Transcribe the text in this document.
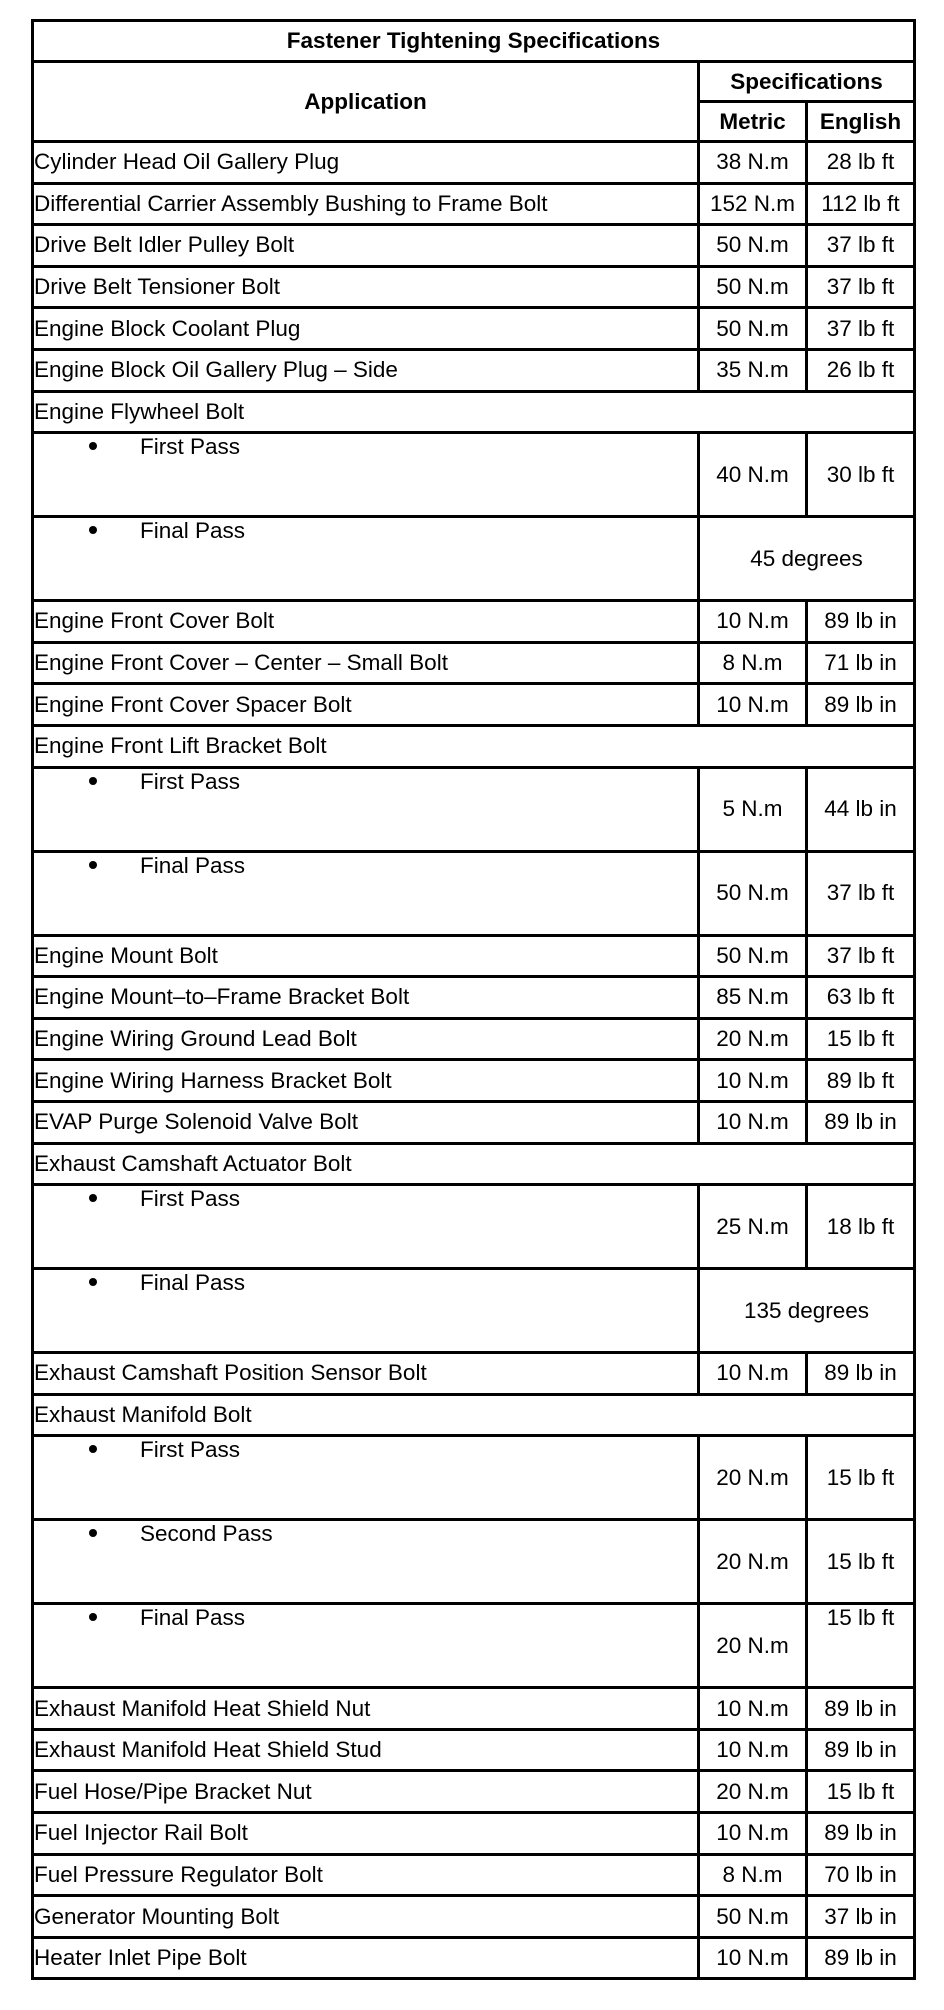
Fastener Tightening Specifications		
Application	Specifications	
	Metric	English
Cylinder Head Oil Gallery Plug	38 N.m	28 lb ft
Differential Carrier Assembly Bushing to Frame Bolt	152 N.m	112 lb ft
Drive Belt Idler Pulley Bolt	50 N.m	37 lb ft
Drive Belt Tensioner Bolt	50 N.m	37 lb ft
Engine Block Coolant Plug	50 N.m	37 lb ft
Engine Block Oil Gallery Plug – Side	35 N.m	26 lb ft
Engine Flywheel Bolt		
First Pass	40 N.m	30 lb ft
Final Pass	45 degrees	
Engine Front Cover Bolt	10 N.m	89 lb in
Engine Front Cover – Center – Small Bolt	8 N.m	71 lb in
Engine Front Cover Spacer Bolt	10 N.m	89 lb in
Engine Front Lift Bracket Bolt		
First Pass	5 N.m	44 lb in
Final Pass	50 N.m	37 lb ft
Engine Mount Bolt	50 N.m	37 lb ft
Engine Mount–to–Frame Bracket Bolt	85 N.m	63 lb ft
Engine Wiring Ground Lead Bolt	20 N.m	15 lb ft
Engine Wiring Harness Bracket Bolt	10 N.m	89 lb ft
EVAP Purge Solenoid Valve Bolt	10 N.m	89 lb in
Exhaust Camshaft Actuator Bolt		
First Pass	25 N.m	18 lb ft
Final Pass	135 degrees	
Exhaust Camshaft Position Sensor Bolt	10 N.m	89 lb in
Exhaust Manifold Bolt		
First Pass	20 N.m	15 lb ft
Second Pass	20 N.m	15 lb ft
Final Pass	20 N.m	15 lb ft
Exhaust Manifold Heat Shield Nut	10 N.m	89 lb in
Exhaust Manifold Heat Shield Stud	10 N.m	89 lb in
Fuel Hose/Pipe Bracket Nut	20 N.m	15 lb ft
Fuel Injector Rail Bolt	10 N.m	89 lb in
Fuel Pressure Regulator Bolt	8 N.m	70 lb in
Generator Mounting Bolt	50 N.m	37 lb in
Heater Inlet Pipe Bolt	10 N.m	89 lb in
